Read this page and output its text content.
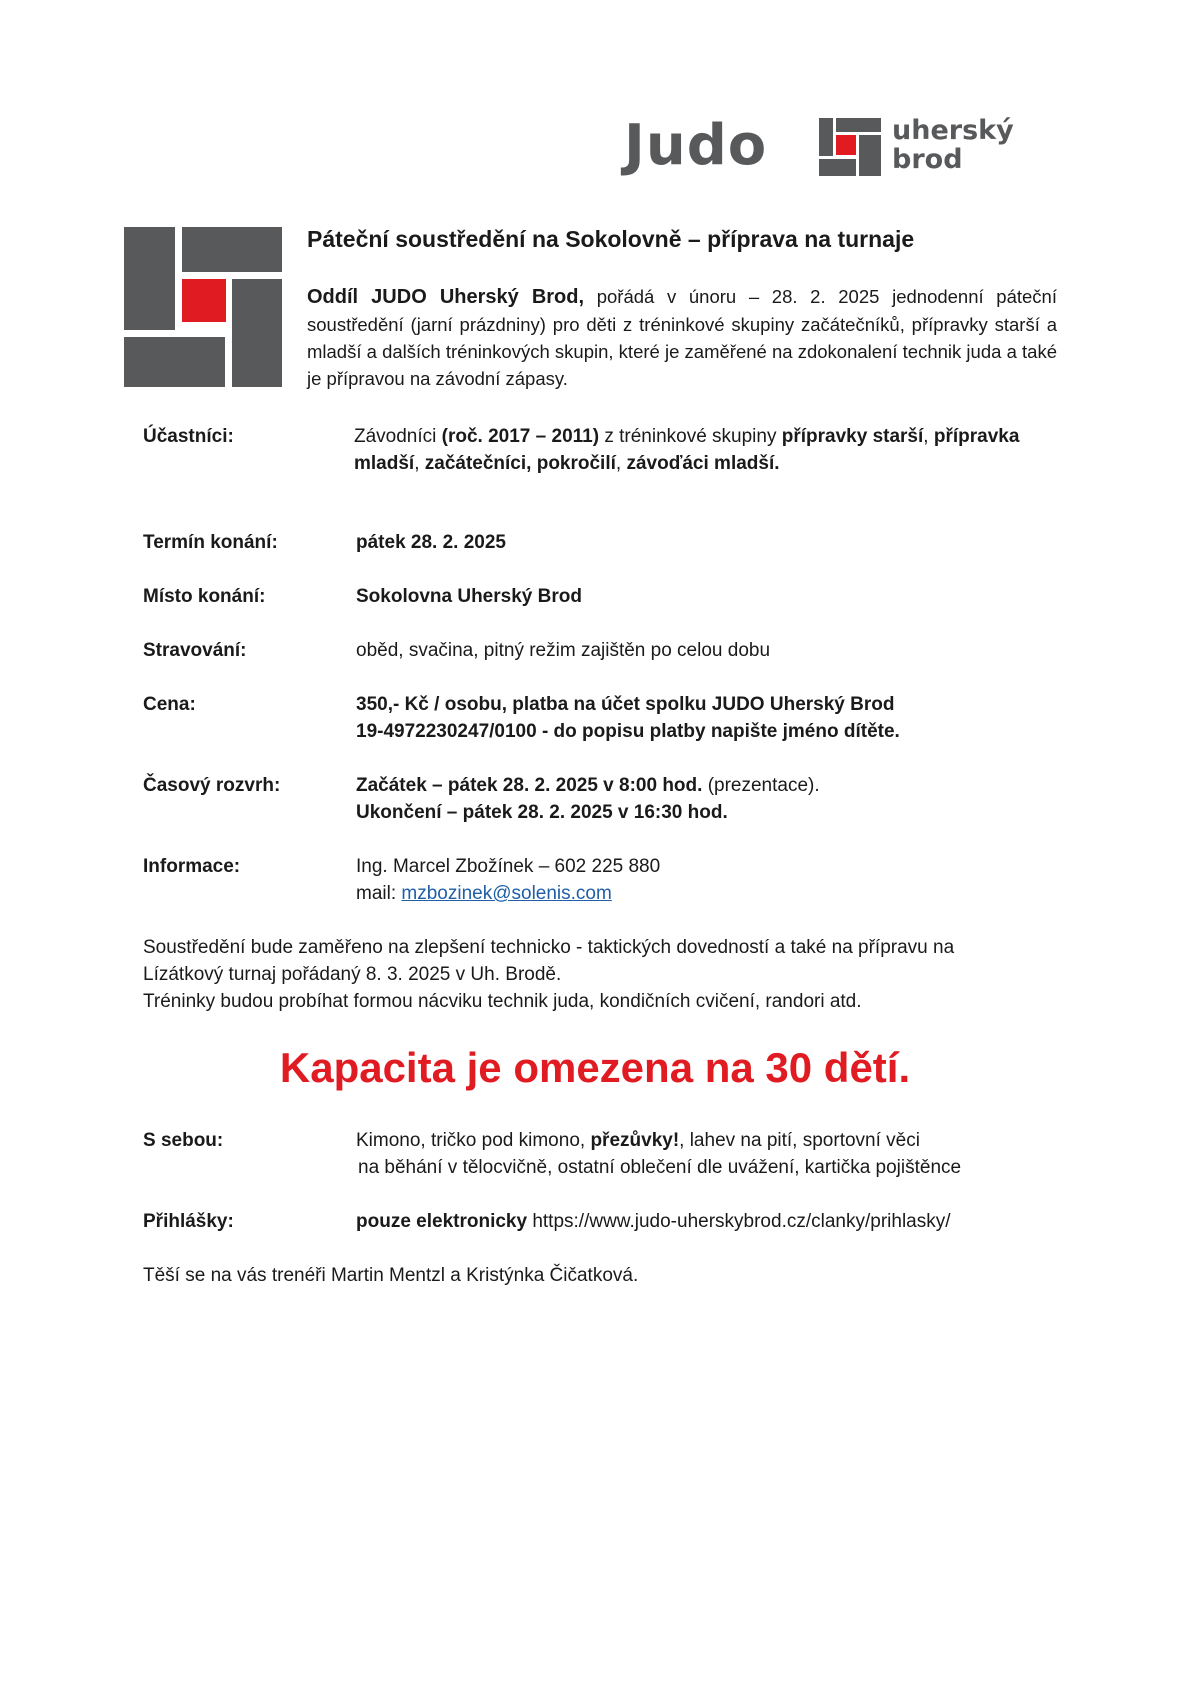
Judo	uherský
brod
Páteční soustředění na Sokolovně – příprava na turnaje

Oddíl JUDO Uherský Brod, pořádá v únoru – 28. 2. 2025 jednodenní páteční soustředění (jarní prázdniny) pro děti z tréninkové skupiny začátečníků, přípravky starší a mladší a dalších tréninkových skupin, které je zaměřené na zdokonalení technik juda a také je přípravou na závodní zápasy.

Účastníci:	Závodníci (roč. 2017 – 2011) z tréninkové skupiny přípravky starší, přípravka
mladší, začátečníci, pokročilí, závoďáci mladší.
Termín konání:	pátek 28. 2. 2025
Místo konání:	Sokolovna Uherský Brod
Stravování:	oběd, svačina, pitný režim zajištěn po celou dobu
Cena:	350,- Kč / osobu, platba na účet spolku JUDO Uherský Brod
19-4972230247/0100 - do popisu platby napište jméno dítěte.
Časový rozvrh:	Začátek – pátek 28. 2. 2025 v 8:00 hod. (prezentace).
Ukončení – pátek 28. 2. 2025 v 16:30 hod.
Informace:	Ing. Marcel Zbožínek – 602 225 880
mail: mzbozinek@solenis.com

Soustředění bude zaměřeno na zlepšení technicko - taktických dovedností a také na přípravu na
Lízátkový turnaj pořádaný 8. 3. 2025 v Uh. Brodě.
Tréninky budou probíhat formou nácviku technik juda, kondičních cvičení, randori atd.

Kapacita je omezena na 30 dětí.

S sebou:	Kimono, tričko pod kimono, přezůvky!, lahev na pití, sportovní věci
na běhání v tělocvičně, ostatní oblečení dle uvážení, kartička pojištěnce
Přihlášky:	pouze elektronicky https://www.judo-uherskybrod.cz/clanky/prihlasky/

Těší se na vás trenéři Martin Mentzl a Kristýnka Čičatková.
